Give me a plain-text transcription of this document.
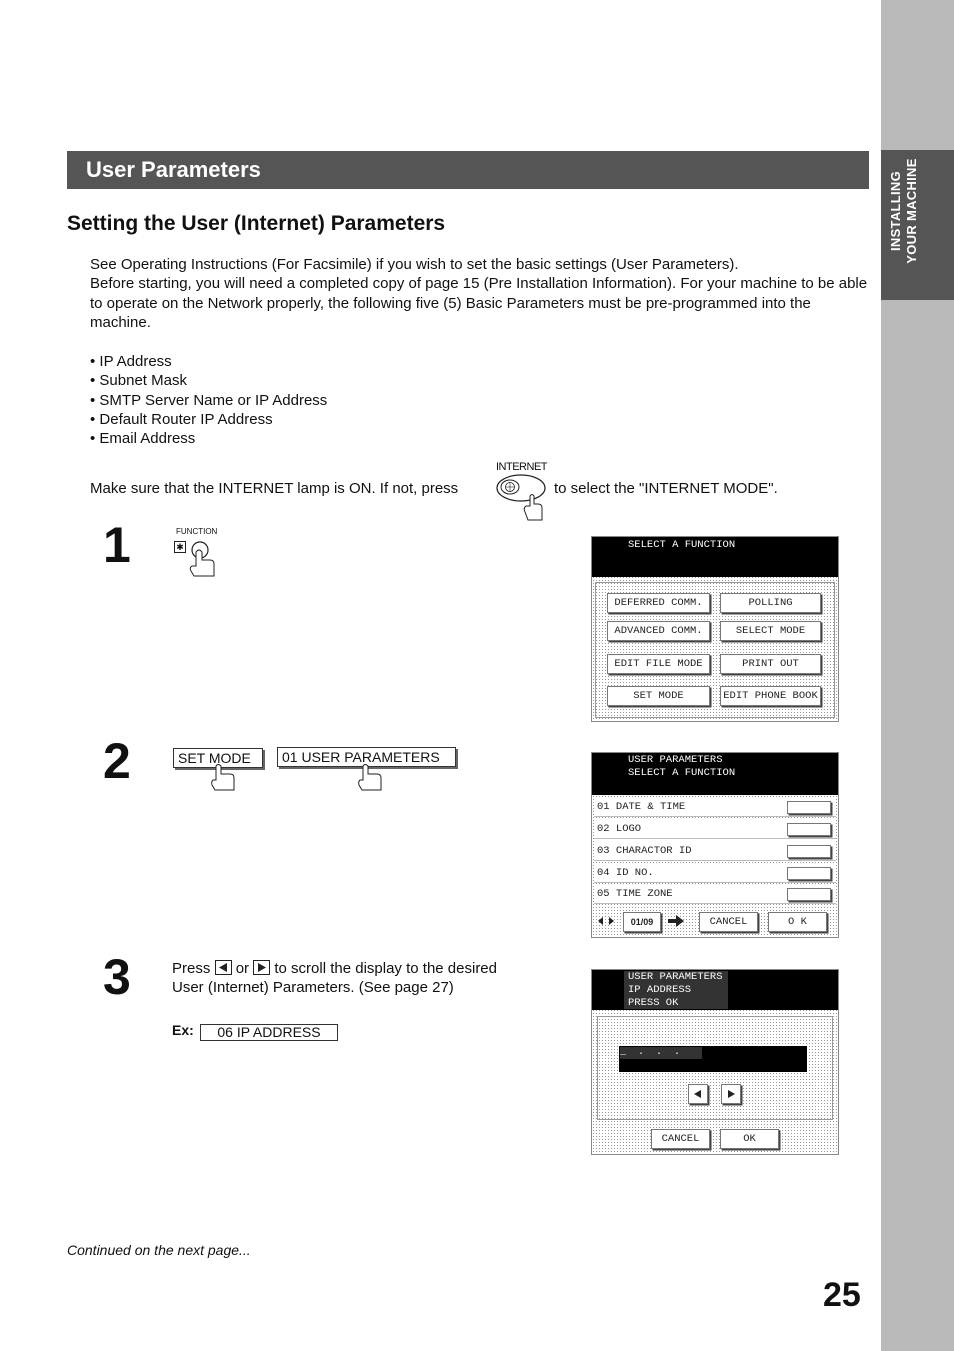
INSTALLING YOUR MACHINE
User Parameters
Setting the User (Internet) Parameters

See Operating Instructions (For Facsimile) if you wish to set the basic settings (User Parameters).

Before starting, you will need a completed copy of page 15 (Pre Installation Information). For your machine to be able to operate on the Network properly, the following five (5) Basic Parameters must be pre-programmed into the machine.

• IP Address
• Subnet Mask
• SMTP Server Name or IP Address
• Default Router IP Address
• Email Address
Make sure that the INTERNET lamp is ON. If not, press
INTERNET
to select the "INTERNET MODE".
1	FUNCTION
✱	SELECT A FUNCTION
DEFERRED COMM.	POLLING
ADVANCED COMM.	SELECT MODE
EDIT FILE MODE	PRINT OUT
SET MODE	EDIT PHONE BOOK
2	SET MODE	01 USER PARAMETERS	USER PARAMETERS
SELECT A FUNCTION
01 DATE & TIME
02 LOGO
03 CHARACTOR ID
04 ID NO.
05 TIME ZONE
01/09	CANCEL	O K
3	Press or to scroll the display to the desired
User (Internet) Parameters. (See page 27)
Ex:	06 IP ADDRESS
USER PARAMETERS
IP ADDRESS
PRESS OK
_  .  .  .
CANCEL	OK
Continued on the next page...
25
